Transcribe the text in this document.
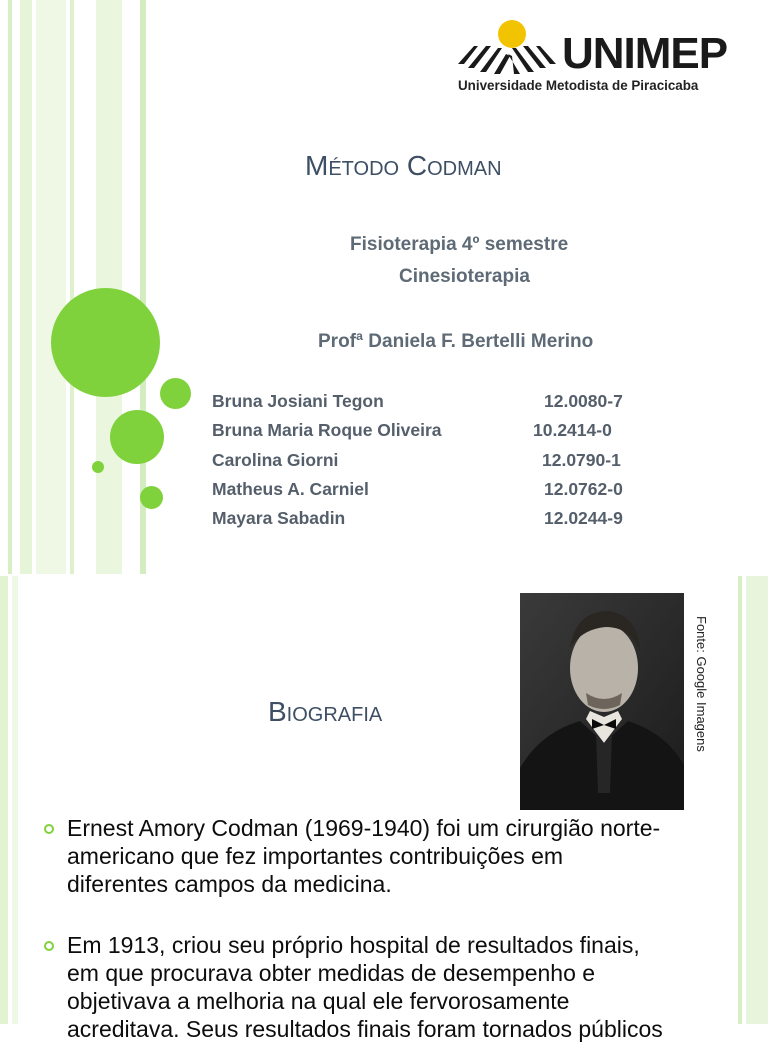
UNIMEP
Universidade Metodista de Piracicaba
Método Codman
Fisioterapia 4º semestre
Cinesioterapia
Profª Daniela F. Bertelli Merino
Bruna Josiani Tegon	12.0080-7
Bruna Maria Roque Oliveira	10.2414-0
Carolina Giorni	12.0790-1
Matheus A. Carniel	12.0762-0
Mayara Sabadin	12.0244-9
Biografia	Fonte: Google Imagens
Ernest Amory Codman (1969-1940) foi um cirurgião norte-
americano que fez importantes contribuições em
diferentes campos da medicina.
Em 1913, criou seu próprio hospital de resultados finais,
em que procurava obter medidas de desempenho e
objetivava a melhoria na qual ele fervorosamente
acreditava. Seus resultados finais foram tornados públicos
